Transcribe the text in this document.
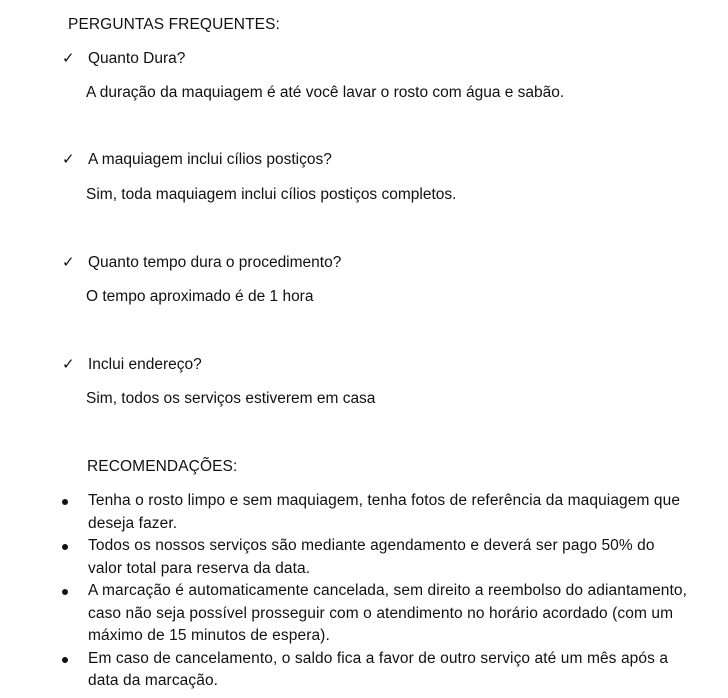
PERGUNTAS FREQUENTES:
✓ Quanto Dura?
A duração da maquiagem é até você lavar o rosto com água e sabão.
✓ A maquiagem inclui cílios postiços?
Sim, toda maquiagem inclui cílios postiços completos.
✓ Quanto tempo dura o procedimento?
O tempo aproximado é de 1 hora
✓ Inclui endereço?
Sim, todos os serviços estiverem em casa
RECOMENDAÇÕES:
Tenha o rosto limpo e sem maquiagem, tenha fotos de referência da maquiagem que deseja fazer.
Todos os nossos serviços são mediante agendamento e deverá ser pago 50% do valor total para reserva da data.
A marcação é automaticamente cancelada, sem direito a reembolso do adiantamento, caso não seja possível prosseguir com o atendimento no horário acordado (com um máximo de 15 minutos de espera).
Em caso de cancelamento, o saldo fica a favor de outro serviço até um mês após a data da marcação.
